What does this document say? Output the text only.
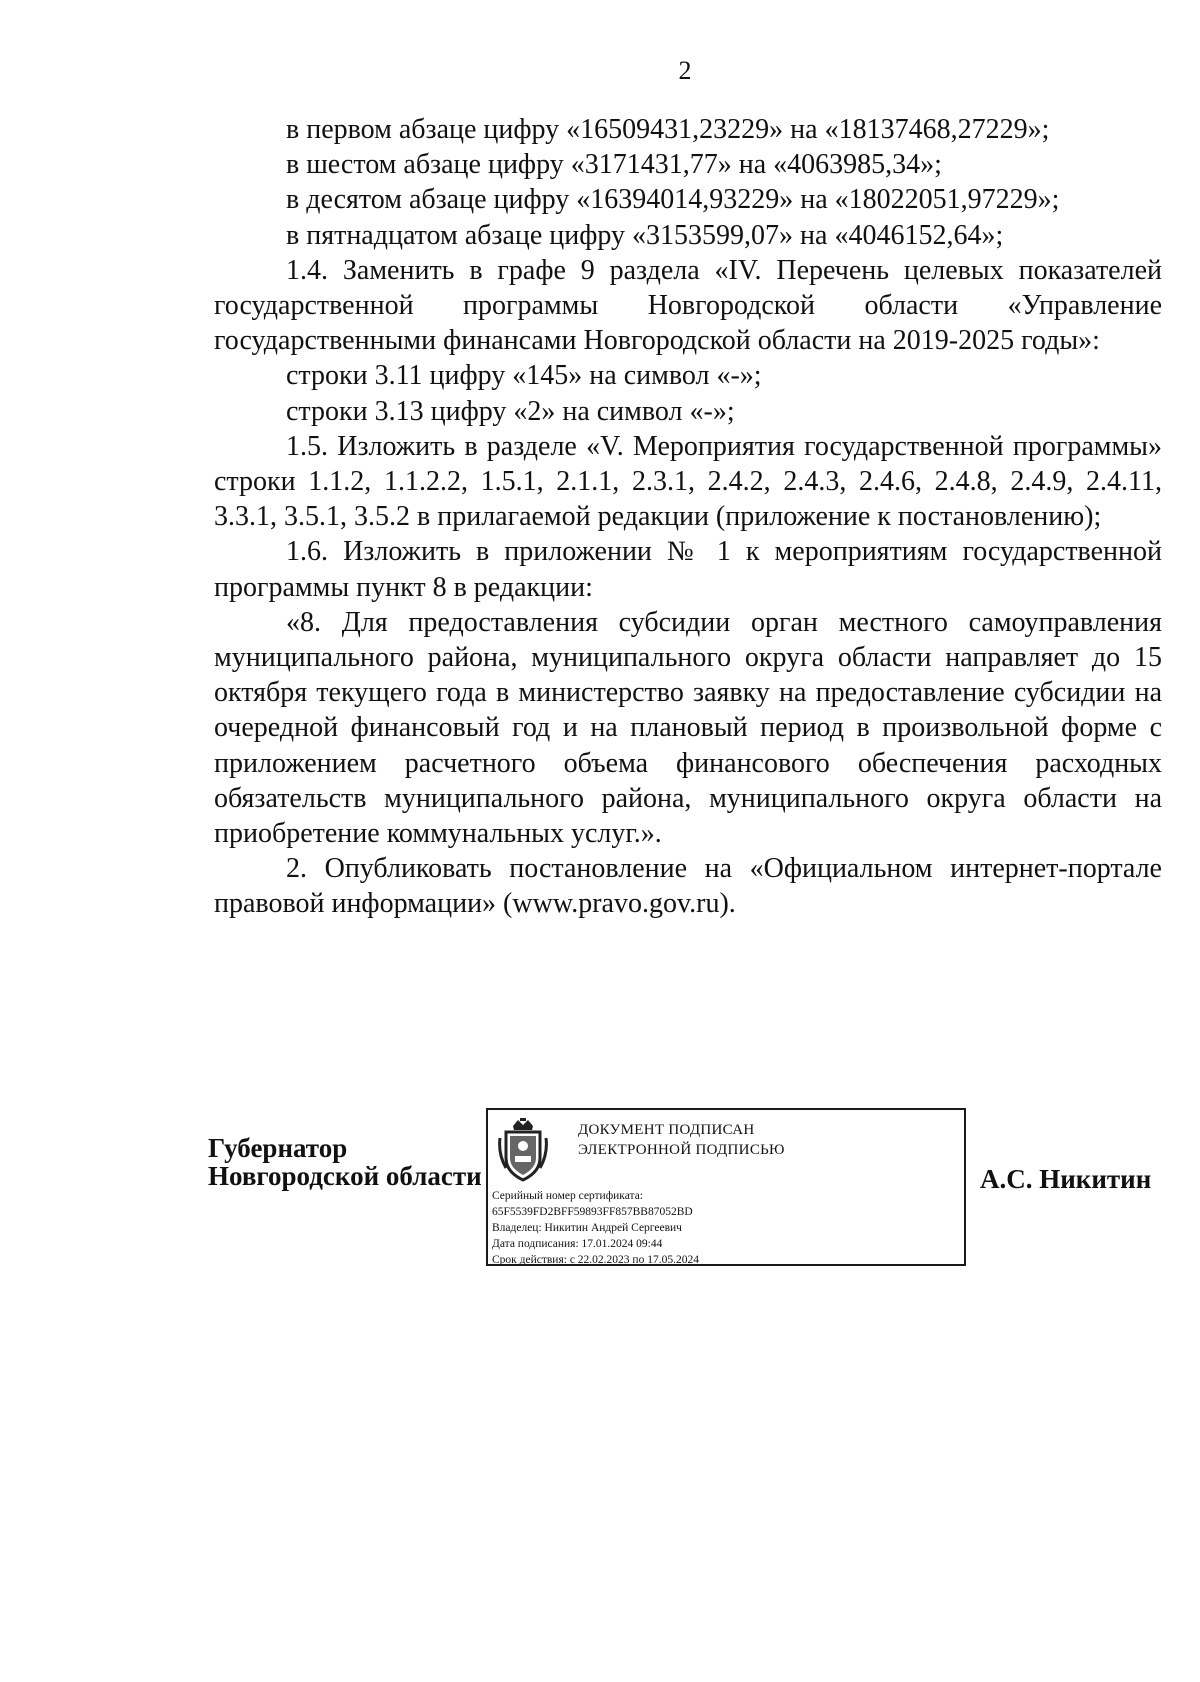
2

в первом абзаце цифру «16509431,23229» на «18137468,27229»;

в шестом абзаце цифру «3171431,77» на «4063985,34»;

в десятом абзаце цифру «16394014,93229» на «18022051,97229»;

в пятнадцатом абзаце цифру «3153599,07» на «4046152,64»;

1.4. Заменить в графе 9 раздела «IV. Перечень целевых показателей государственной программы Новгородской области «Управление государственными финансами Новгородской области на 2019-2025 годы»:

строки 3.11 цифру «145» на символ «-»;

строки 3.13 цифру «2» на символ «-»;

1.5. Изложить в разделе «V. Мероприятия государственной программы» строки 1.1.2, 1.1.2.2, 1.5.1, 2.1.1, 2.3.1, 2.4.2, 2.4.3, 2.4.6, 2.4.8, 2.4.9, 2.4.11, 3.3.1, 3.5.1, 3.5.2 в прилагаемой редакции (приложение к постановлению);

1.6. Изложить в приложении № 1 к мероприятиям государственной программы пункт 8 в редакции:

«8. Для предоставления субсидии орган местного самоуправления муниципального района, муниципального округа области направляет до 15 октября текущего года в министерство заявку на предоставление субсидии на очередной финансовый год и на плановый период в произвольной форме с приложением расчетного объема финансового обеспечения расходных обязательств муниципального района, муниципального округа области на приобретение коммунальных услуг.».

2. Опубликовать постановление на «Официальном интернет-портале правовой информации» (www.pravo.gov.ru).

Губернатор
Новгородской области
ДОКУМЕНТ ПОДПИСАН
ЭЛЕКТРОННОЙ ПОДПИСЬЮ
Серийный номер сертификата:
65F5539FD2BFF59893FF857BB87052BD
Владелец: Никитин Андрей Сергеевич
Дата подписания: 17.01.2024 09:44
Срок действия: с 22.02.2023 по 17.05.2024
А.С. Никитин
